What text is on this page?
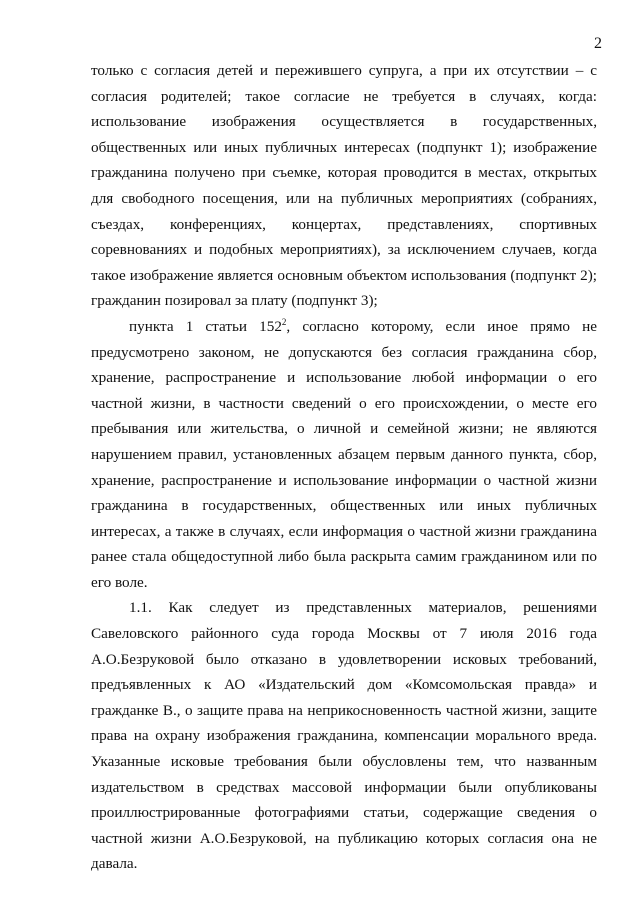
2

только с согласия детей и пережившего супруга, а при их отсутствии – с согласия родителей; такое согласие не требуется в случаях, когда: использование изображения осуществляется в государственных, общественных или иных публичных интересах (подпункт 1); изображение гражданина получено при съемке, которая проводится в местах, открытых для свободного посещения, или на публичных мероприятиях (собраниях, съездах, конференциях, концертах, представлениях, спортивных соревнованиях и подобных мероприятиях), за исключением случаев, когда такое изображение является основным объектом использования (подпункт 2); гражданин позировал за плату (подпункт 3);

пункта 1 статьи $152^2$, согласно которому, если иное прямо не предусмотрено законом, не допускаются без согласия гражданина сбор, хранение, распространение и использование любой информации о его частной жизни, в частности сведений о его происхождении, о месте его пребывания или жительства, о личной и семейной жизни; не являются нарушением правил, установленных абзацем первым данного пункта, сбор, хранение, распространение и использование информации о частной жизни гражданина в государственных, общественных или иных публичных интересах, а также в случаях, если информация о частной жизни гражданина ранее стала общедоступной либо была раскрыта самим гражданином или по его воле.

1.1. Как следует из представленных материалов, решениями Савеловского районного суда города Москвы от 7 июля 2016 года А.О.Безруковой было отказано в удовлетворении исковых требований, предъявленных к АО «Издательский дом «Комсомольская правда» и гражданке В., о защите права на неприкосновенность частной жизни, защите права на охрану изображения гражданина, компенсации морального вреда. Указанные исковые требования были обусловлены тем, что названным издательством в средствах массовой информации были опубликованы проиллюстрированные фотографиями статьи, содержащие сведения о частной жизни А.О.Безруковой, на публикацию которых согласия она не давала.
